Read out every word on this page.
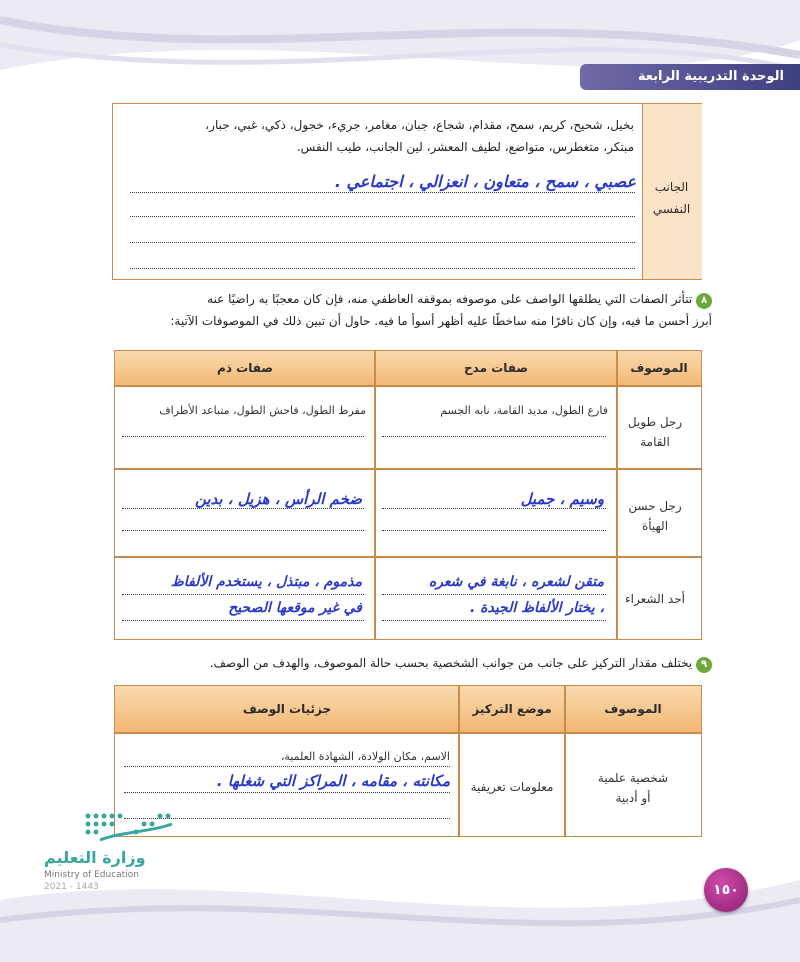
الوحدة التدريبية الرابعة
الجانب
النفسي
بخيل، شحيح، كريم، سمح، مقدام، شجاع، جبان، مغامر، جريء، خجول، ذكي، غبي، جبار،
مبتكر، متغطرس، متواضع، لطيف المعشر، لين الجانب، طيب النفس.
عصبي ، سمح ، متعاون ، انعزالي ، اجتماعي .
٨ تتأثر الصفات التي يطلقها الواصف على موصوفه بموقفه العاطفي منه، فإن كان معجبًا به راضيًا عنه
أبرز أحسن ما فيه، وإن كان نافرًا منه ساخطًا عليه أظهر أسوأ ما فيه. حاول أن تبين ذلك في الموصوفات الآتية:
الموصوف
صفات مدح
صفات ذم
رجل طويل
القامة
فارع الطول، مديد القامة، نابه الجسم
مفرط الطول، فاحش الطول، متباعد الأطراف
رجل حسن
الهيأة
وسيم ، جميل
ضخم الرأس ، هزيل ، بدين
أحد الشعراء
متقن لشعره ، نابغة في شعره
، يختار الألفاظ الجيدة .
مذموم ، مبتذل ، يستخدم الألفاظ
في غير موقعها الصحيح
٩ يختلف مقدار التركيز على جانب من جوانب الشخصية بحسب حالة الموصوف، والهدف من الوصف.
الموصوف
موضع التركيز
جزئيات الوصف
شخصية علمية
أو أدبية
معلومات تعريفية
الاسم، مكان الولادة، الشهادة العلمية،
مكانته ، مقامه ، المراكز التي شغلها .
وزارة التعليم
Ministry of Education
2021 - 1443	١٥٠
